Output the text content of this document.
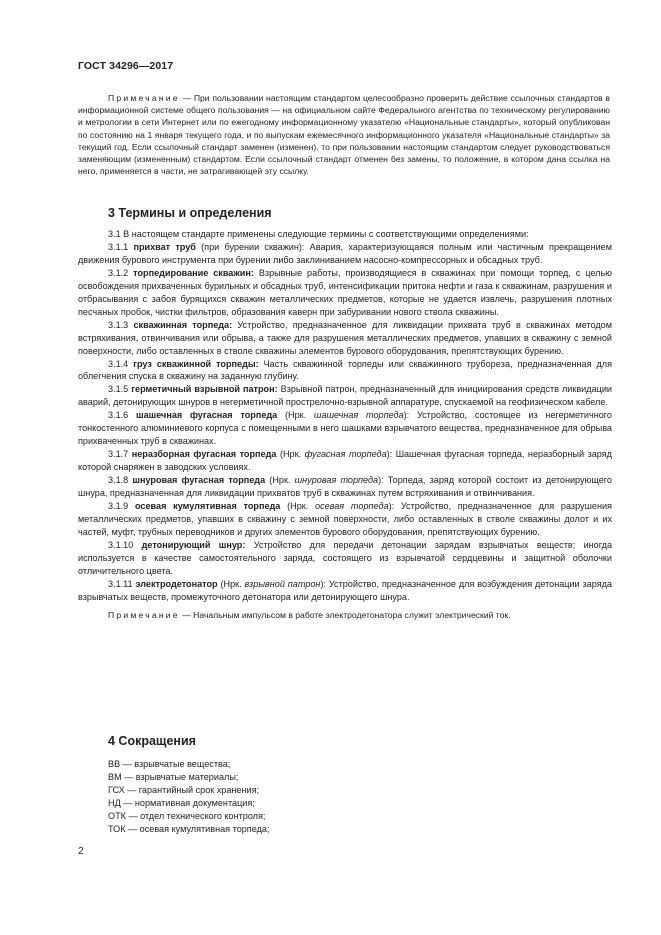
ГОСТ 34296—2017
Примечание — При пользовании настоящим стандартом целесообразно проверить действие ссылочных стандартов в информационной системе общего пользования — на официальном сайте Федерального агентства по техническому регулированию и метрологии в сети Интернет или по ежегодному информационному указателю «Национальные стандарты», который опубликован по состоянию на 1 января текущего года, и по выпускам ежемесячного информационного указателя «Национальные стандарты» за текущий год. Если ссылочный стандарт заменен (изменен), то при пользовании настоящим стандартом следует руководствоваться заменяющим (измененным) стандартом. Если ссылочный стандарт отменен без замены, то положение, в котором дана ссылка на него, применяется в части, не затрагивающей эту ссылку.
3 Термины и определения

3.1 В настоящем стандарте применены следующие термины с соответствующими определениями:

3.1.1 прихват труб (при бурении скважин): Авария, характеризующаяся полным или частичным прекращением движения бурового инструмента при бурении либо заклиниванием насосно-компрессорных и обсадных труб.

3.1.2 торпедирование скважин: Взрывные работы, производящиеся в скважинах при помощи торпед, с целью освобождения прихваченных бурильных и обсадных труб, интенсификации притока нефти и газа к скважинам, разрушения и отбрасывания с забоя бурящихся скважин металлических предметов, которые не удается извлечь, разрушения плотных песчаных пробок, чистки фильтров, образования каверн при забуривании нового ствола скважины.

3.1.3 скважинная торпеда: Устройство, предназначенное для ликвидации прихвата труб в скважинах методом встряхивания, отвинчивания или обрыва, а также для разрушения металлических предметов, упавших в скважину с земной поверхности, либо оставленных в стволе скважины элементов бурового оборудования, препятствующих бурению.

3.1.4 груз скважинной торпеды: Часть скважинной торпеды или скважинного труборeза, предназначенная для облегчения спуска в скважину на заданную глубину.

3.1.5 герметичный взрывной патрон: Взрывной патрон, предназначенный для инициирования средств ликвидации аварий, детонирующих шнуров в негерметичной прострелочно-взрывной аппаратуре, спускаемой на геофизическом кабеле.

3.1.6 шашечная фугасная торпеда (Нрк. шашечная торпеда): Устройство, состоящее из негерметичного тонкостенного алюминиевого корпуса с помещенными в него шашками взрывчатого вещества, предназначенное для обрыва прихваченных труб в скважинах.

3.1.7 неразборная фугасная торпеда (Нрк. фугасная торпеда): Шашечная фугасная торпеда, неразборный заряд которой снаряжен в заводских условиях.

3.1.8 шнуровая фугасная торпеда (Нрк. шнуровая торпеда): Торпеда, заряд которой состоит из детонирующего шнура, предназначенная для ликвидации прихватов труб в скважинах путем встряхивания и отвинчивания.

3.1.9 осевая кумулятивная торпеда (Нрк. осевая торпеда): Устройство, предназначенное для разрушения металлических предметов, упавших в скважину с земной поверхности, либо оставленных в стволе скважины долот и их частей, муфт, трубных переводников и других элементов бурового оборудования, препятствующих бурению.

3.1.10 детонирующий шнур: Устройство для передачи детонации зарядам взрывчатых веществ; иногда используется в качестве самостоятельного заряда, состоящего из взрывчатой сердцевины и защитной оболочки отличительного цвета.

3.1.11 электродетонатор (Нрк. взрывной патрон): Устройство, предназначенное для возбуждения детонации заряда взрывчатых веществ, промежуточного детонатора или детонирующего шнура.

Примечание — Начальным импульсом в работе электродетонатора служит электрический ток.

4 Сокращения
ВВ — взрывчатые вещества;
ВМ — взрывчатые материалы;
ГСХ — гарантийный срок хранения;
НД — нормативная документация;
ОТК — отдел технического контроля;
ТОК — осевая кумулятивная торпеда;
2
